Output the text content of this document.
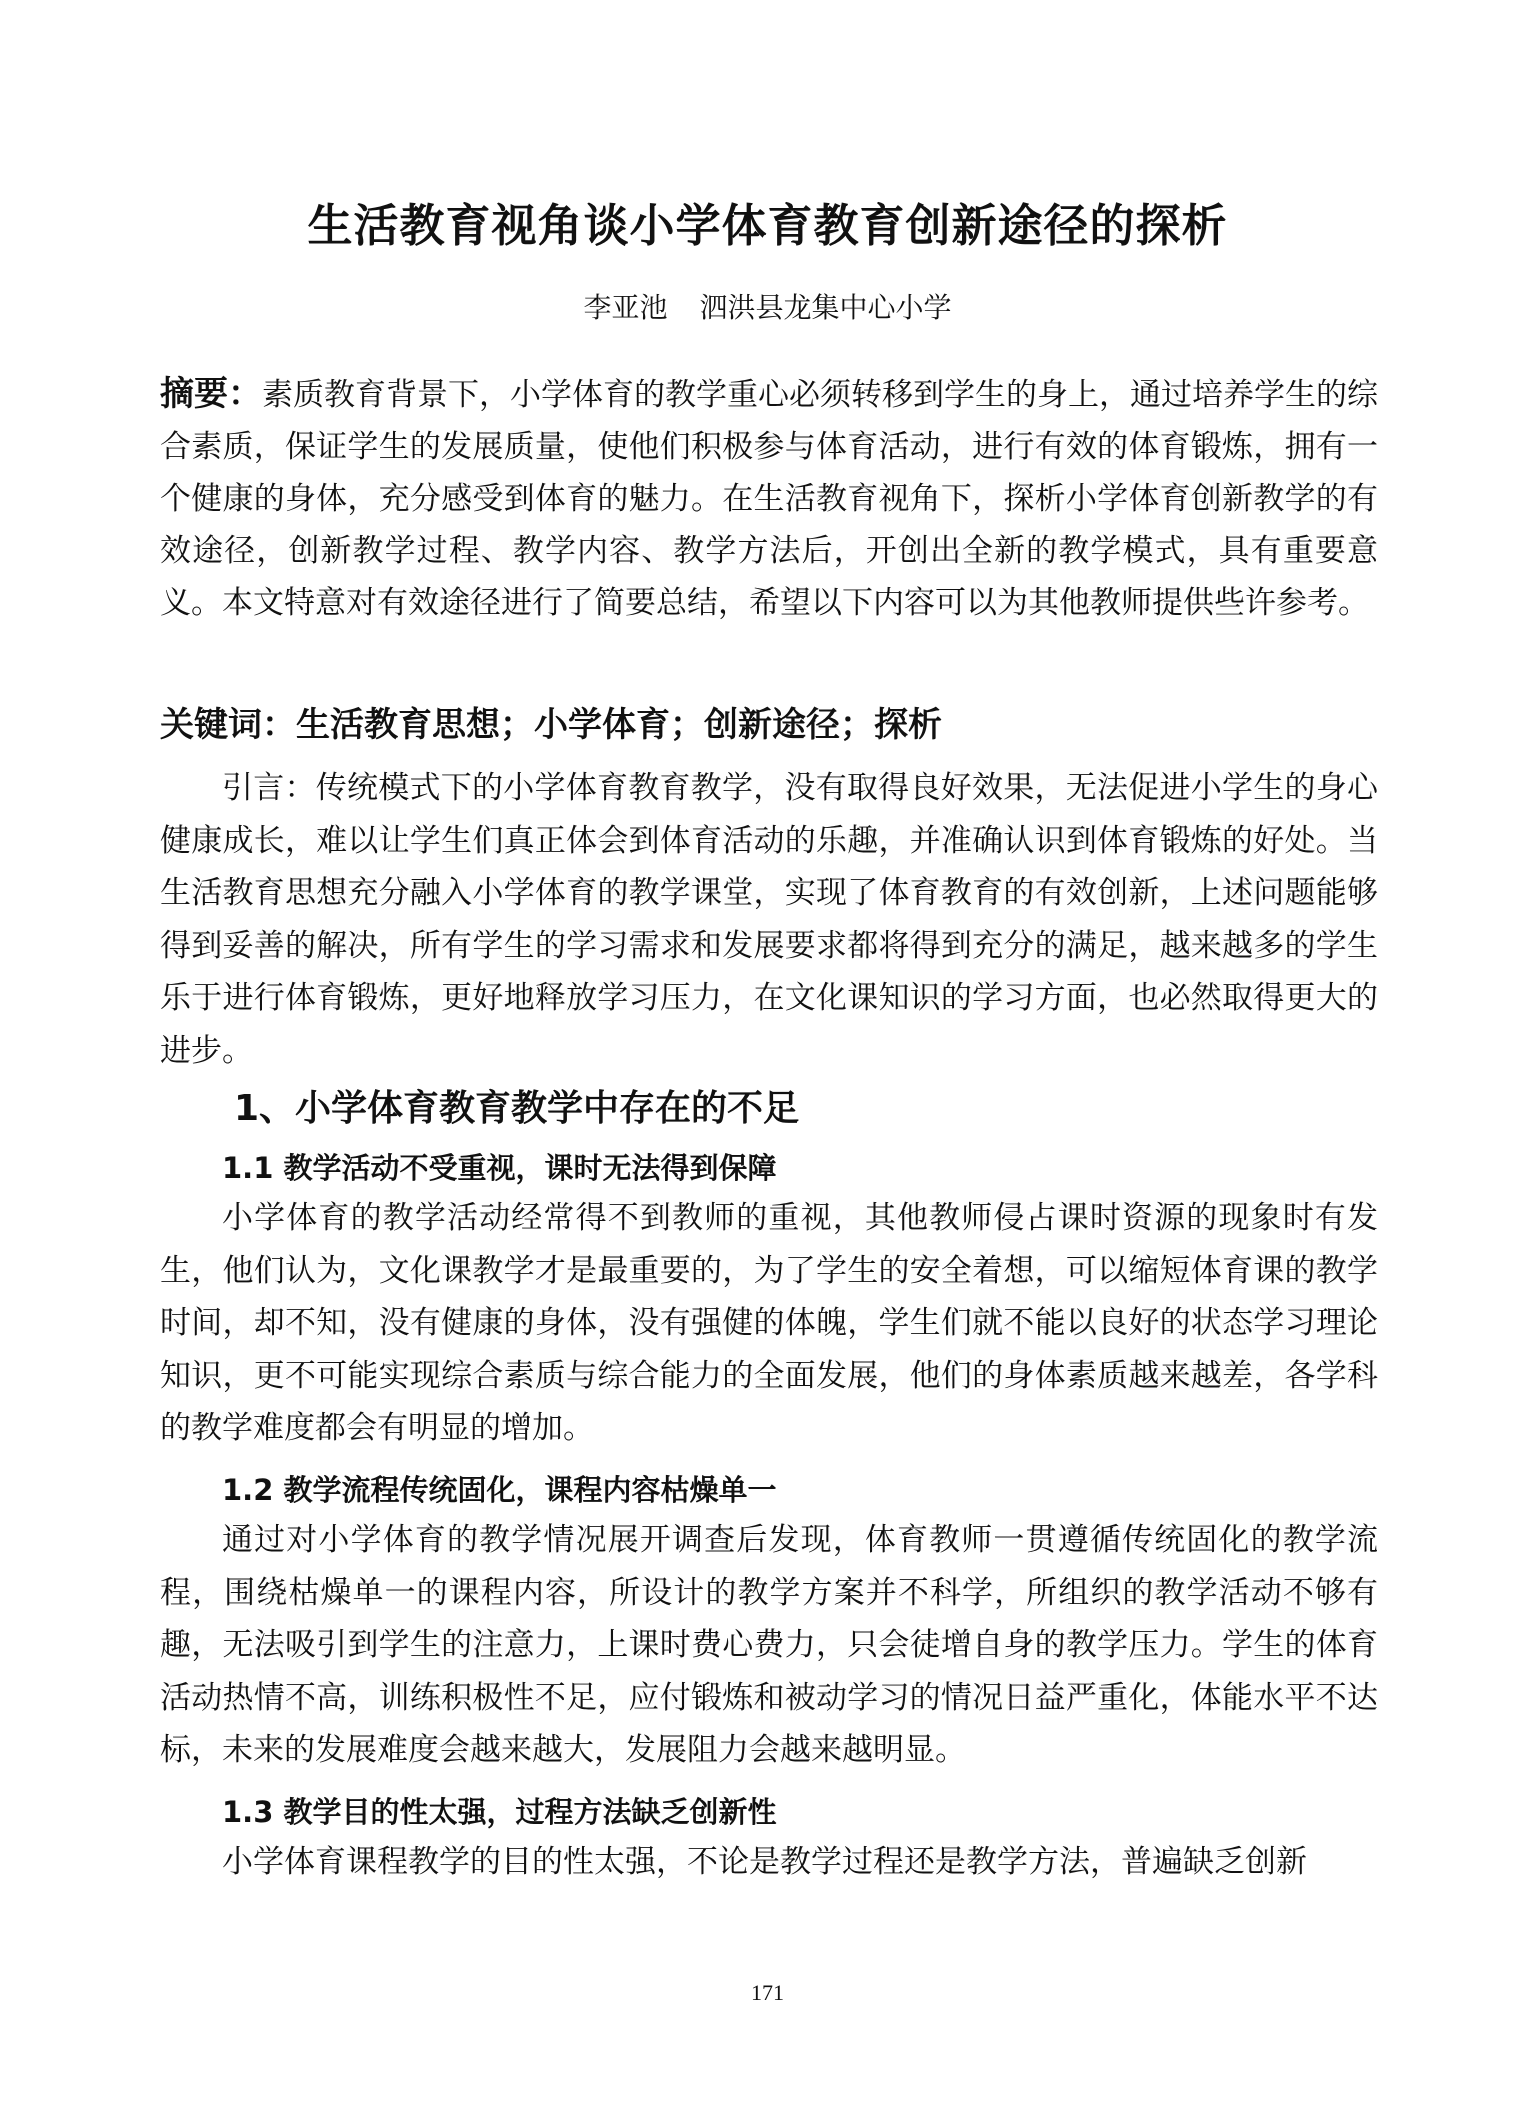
生活教育视角谈小学体育教育创新途径的探析
李亚池 泗洪县龙集中心小学

摘要：素质教育背景下，小学体育的教学重心必须转移到学生的身上，通过培养学生的综合素质，保证学生的发展质量，使他们积极参与体育活动，进行有效的体育锻炼，拥有一个健康的身体，充分感受到体育的魅力。在生活教育视角下，探析小学体育创新教学的有效途径，创新教学过程、教学内容、教学方法后，开创出全新的教学模式，具有重要意义。本文特意对有效途径进行了简要总结，希望以下内容可以为其他教师提供些许参考。

关键词：生活教育思想；小学体育；创新途径；探析

引言：传统模式下的小学体育教育教学，没有取得良好效果，无法促进小学生的身心健康成长，难以让学生们真正体会到体育活动的乐趣，并准确认识到体育锻炼的好处。当生活教育思想充分融入小学体育的教学课堂，实现了体育教育的有效创新，上述问题能够得到妥善的解决，所有学生的学习需求和发展要求都将得到充分的满足，越来越多的学生乐于进行体育锻炼，更好地释放学习压力，在文化课知识的学习方面，也必然取得更大的进步。

1、小学体育教育教学中存在的不足
1.1 教学活动不受重视，课时无法得到保障

小学体育的教学活动经常得不到教师的重视，其他教师侵占课时资源的现象时有发生，他们认为，文化课教学才是最重要的，为了学生的安全着想，可以缩短体育课的教学时间，却不知，没有健康的身体，没有强健的体魄，学生们就不能以良好的状态学习理论知识，更不可能实现综合素质与综合能力的全面发展，他们的身体素质越来越差，各学科的教学难度都会有明显的增加。

1.2 教学流程传统固化，课程内容枯燥单一

通过对小学体育的教学情况展开调查后发现，体育教师一贯遵循传统固化的教学流程，围绕枯燥单一的课程内容，所设计的教学方案并不科学，所组织的教学活动不够有趣，无法吸引到学生的注意力，上课时费心费力，只会徒增自身的教学压力。学生的体育活动热情不高，训练积极性不足，应付锻炼和被动学习的情况日益严重化，体能水平不达标，未来的发展难度会越来越大，发展阻力会越来越明显。

1.3 教学目的性太强，过程方法缺乏创新性

小学体育课程教学的目的性太强，不论是教学过程还是教学方法，普遍缺乏创新

171
